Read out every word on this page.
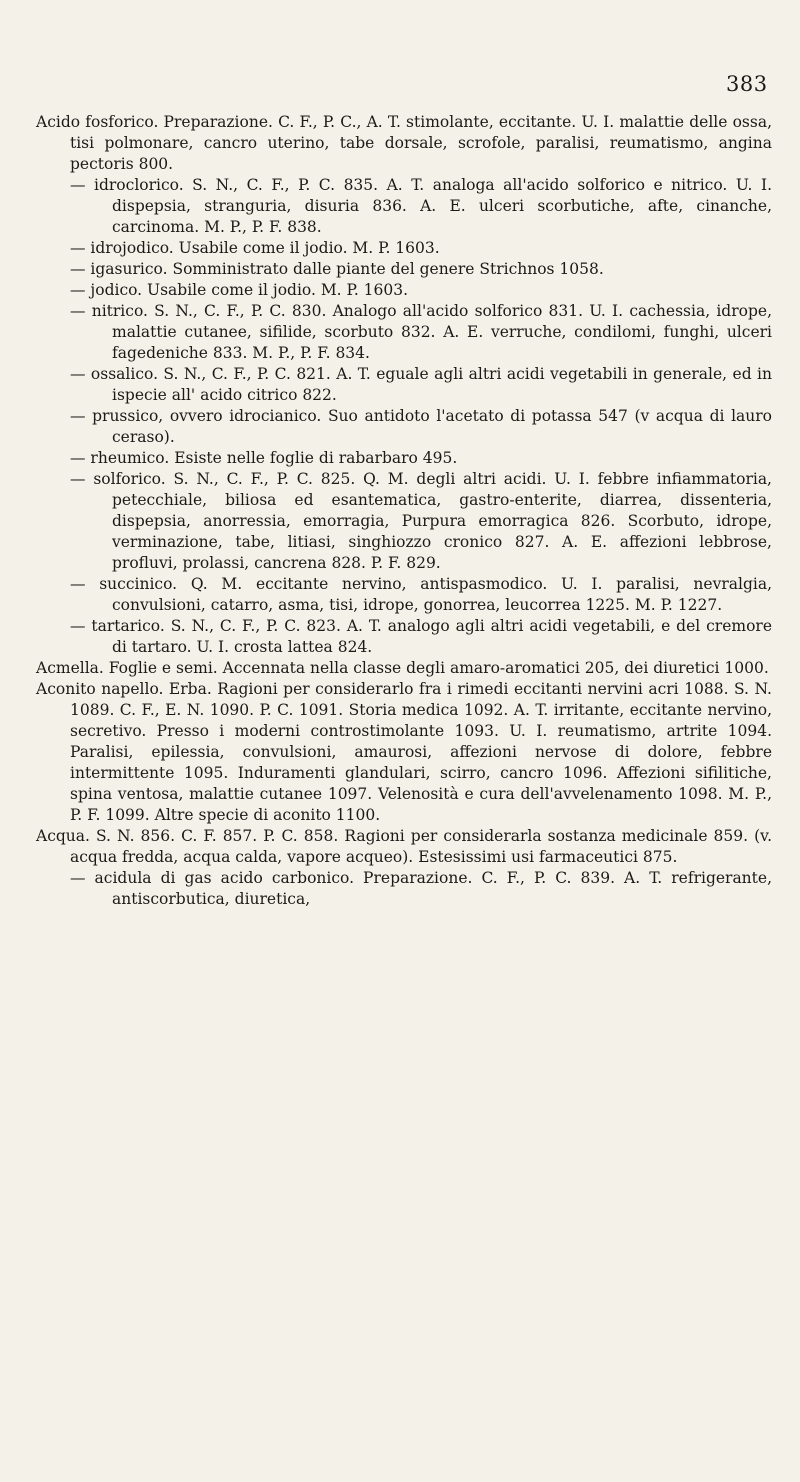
383

Acido fosforico. Preparazione. C. F., P. C., A. T. stimolante, eccitante. U. I. malattie delle ossa, tisi polmonare, cancro uterino, tabe dorsale, scrofole, paralisi, reumatismo, angina pectoris 800.

— idroclorico. S. N., C. F., P. C. 835. A. T. analoga all'acido solforico e nitrico. U. I. dispepsia, stranguria, disuria 836. A. E. ulceri scorbutiche, afte, cinanche, carcinoma. M. P., P. F. 838.

— idrojodico. Usabile come il jodio. M. P. 1603.

— igasurico. Somministrato dalle piante del genere Strichnos 1058.

— jodico. Usabile come il jodio. M. P. 1603.

— nitrico. S. N., C. F., P. C. 830. Analogo all'acido solforico 831. U. I. cachessia, idrope, malattie cutanee, sifilide, scorbuto 832. A. E. verruche, condilomi, funghi, ulceri fagedeniche 833. M. P., P. F. 834.

— ossalico. S. N., C. F., P. C. 821. A. T. eguale agli altri acidi vegetabili in generale, ed in ispecie all' acido citrico 822.

— prussico, ovvero idrocianico. Suo antidoto l'acetato di potassa 547 (v acqua di lauro ceraso).

— rheumico. Esiste nelle foglie di rabarbaro 495.

— solforico. S. N., C. F., P. C. 825. Q. M. degli altri acidi. U. I. febbre infiammatoria, petecchiale, biliosa ed esantematica, gastro-enterite, diarrea, dissenteria, dispepsia, anorressia, emorragia, Purpura emorragica 826. Scorbuto, idrope, verminazione, tabe, litiasi, singhiozzo cronico 827. A. E. affezioni lebbrose, profluvi, prolassi, cancrena 828. P. F. 829.

— succinico. Q. M. eccitante nervino, antispasmodico. U. I. paralisi, nevralgia, convulsioni, catarro, asma, tisi, idrope, gonorrea, leucorrea 1225. M. P. 1227.

— tartarico. S. N., C. F., P. C. 823. A. T. analogo agli altri acidi vegetabili, e del cremore di tartaro. U. I. crosta lattea 824.

Acmella. Foglie e semi. Accennata nella classe degli amaro-aromatici 205, dei diuretici 1000.

Aconito napello. Erba. Ragioni per considerarlo fra i rimedi eccitanti nervini acri 1088. S. N. 1089. C. F., E. N. 1090. P. C. 1091. Storia medica 1092. A. T. irritante, eccitante nervino, secretivo. Presso i moderni controstimolante 1093. U. I. reumatismo, artrite 1094. Paralisi, epilessia, convulsioni, amaurosi, affezioni nervose di dolore, febbre intermittente 1095. Induramenti glandulari, scirro, cancro 1096. Affezioni sifilitiche, spina ventosa, malattie cutanee 1097. Velenosità e cura dell'avvelenamento 1098. M. P., P. F. 1099. Altre specie di aconito 1100.

Acqua. S. N. 856. C. F. 857. P. C. 858. Ragioni per considerarla sostanza medicinale 859. (v. acqua fredda, acqua calda, vapore acqueo). Estesissimi usi farmaceutici 875.

— acidula di gas acido carbonico. Preparazione. C. F., P. C. 839. A. T. refrigerante, antiscorbutica, diuretica,
